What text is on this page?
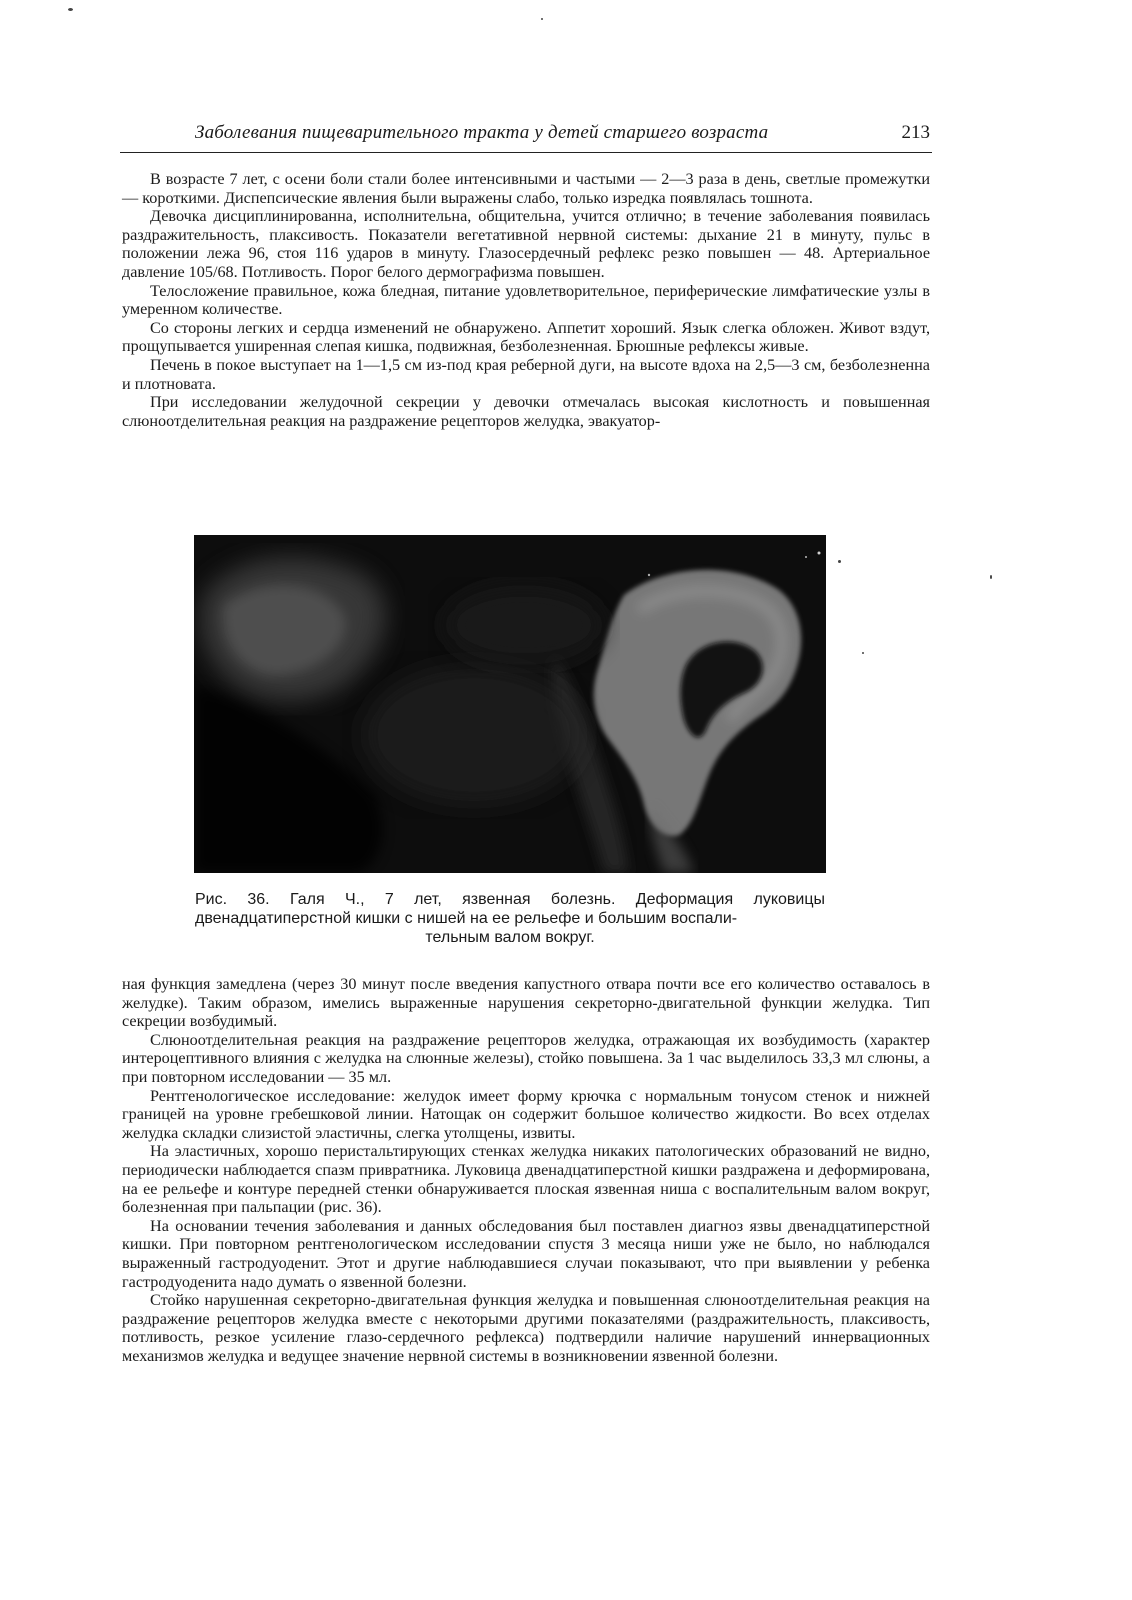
Заболевания пищеварительного тракта у детей старшего возраста	213

В возрасте 7 лет, с осени боли стали более интенсивными и частыми — 2—3 раза в день, светлые промежутки — короткими. Диспепсические явления были выражены слабо, только изредка появлялась тошнота.

Девочка дисциплинированна, исполнительна, общительна, учится отлично; в течение заболевания появилась раздражительность, плаксивость. Показатели вегетативной нервной системы: дыхание 21 в минуту, пульс в положении лежа 96, стоя 116 ударов в минуту. Глазосердечный рефлекс резко повышен — 48. Артериальное давление 105/68. Потливость. Порог белого дермографизма повышен.

Телосложение правильное, кожа бледная, питание удовлетворительное, периферические лимфатические узлы в умеренном количестве.

Со стороны легких и сердца изменений не обнаружено. Аппетит хороший. Язык слегка обложен. Живот вздут, прощупывается уширенная слепая кишка, подвижная, безболезненная. Брюшные рефлексы живые.

Печень в покое выступает на 1—1,5 см из-под края реберной дуги, на высоте вдоха на 2,5—3 см, безболезненна и плотновата.

При исследовании желудочной секреции у девочки отмечалась высокая кислотность и повышенная слюноотделительная реакция на раздражение рецепторов желудка, эвакуатор-

Рис. 36. Галя Ч., 7 лет, язвенная болезнь. Деформация луковицы двенадцатиперстной кишки с нишей на ее рельефе и большим воспали-
тельным валом вокруг.

ная функция замедлена (через 30 минут после введения капустного отвара почти все его количество оставалось в желудке). Таким образом, имелись выраженные нарушения секреторно-двигательной функции желудка. Тип секреции возбудимый.

Слюноотделительная реакция на раздражение рецепторов желудка, отражающая их возбудимость (характер интероцептивного влияния с желудка на слюнные железы), стойко повышена. За 1 час выделилось 33,3 мл слюны, а при повторном исследовании — 35 мл.

Рентгенологическое исследование: желудок имеет форму крючка с нормальным тонусом стенок и нижней границей на уровне гребешковой линии. Натощак он содержит большое количество жидкости. Во всех отделах желудка складки слизистой эластичны, слегка утолщены, извиты.

На эластичных, хорошо перистальтирующих стенках желудка никаких патологических образований не видно, периодически наблюдается спазм привратника. Луковица двенадцатиперстной кишки раздражена и деформирована, на ее рельефе и контуре передней стенки обнаруживается плоская язвенная ниша с воспалительным валом вокруг, болезненная при пальпации (рис. 36).

На основании течения заболевания и данных обследования был поставлен диагноз язвы двенадцатиперстной кишки. При повторном рентгенологическом исследовании спустя 3 месяца ниши уже не было, но наблюдался выраженный гастродуоденит. Этот и другие наблюдавшиеся случаи показывают, что при выявлении у ребенка гастродуоденита надо думать о язвенной болезни.

Стойко нарушенная секреторно-двигательная функция желудка и повышенная слюноотделительная реакция на раздражение рецепторов желудка вместе с некоторыми другими показателями (раздражительность, плаксивость, потливость, резкое усиление глазо-сердечного рефлекса) подтвердили наличие нарушений иннервационных механизмов желудка и ведущее значение нервной системы в возникновении язвенной болезни.
